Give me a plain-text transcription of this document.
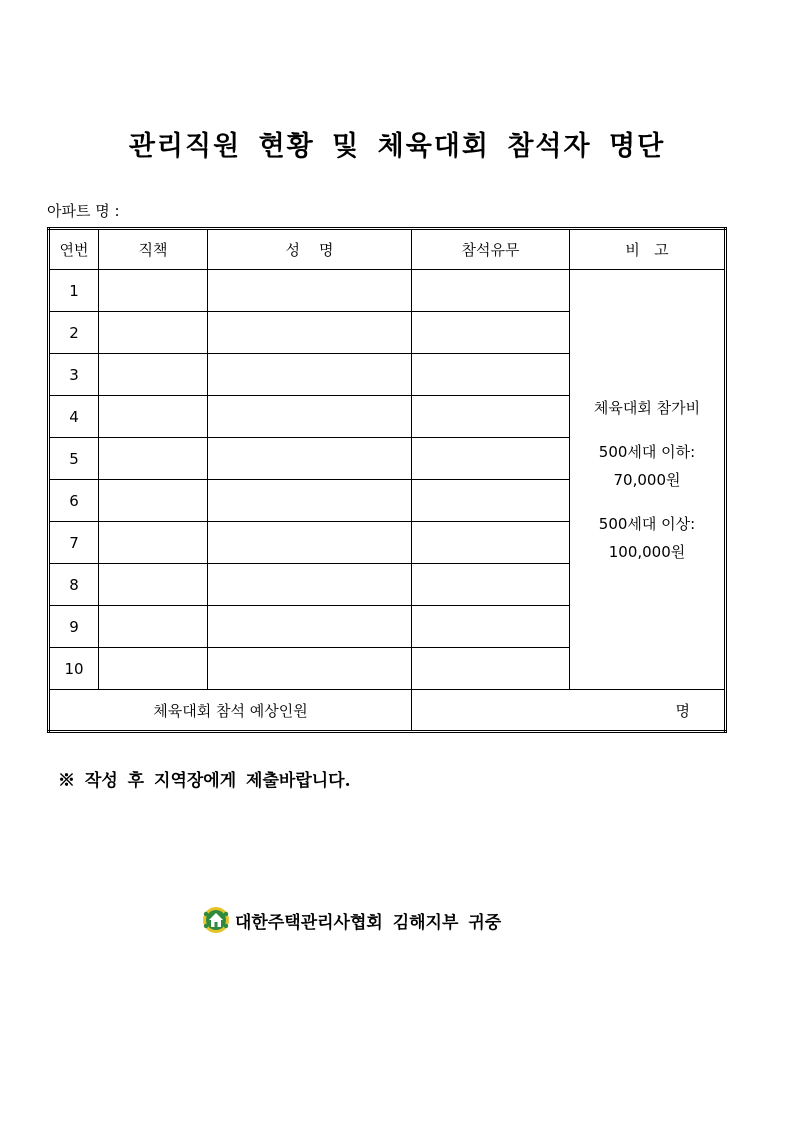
관리직원 현황 및 체육대회 참석자 명단
아파트 명 :
연번	직책	성    명	참석유무	비   고
1				체육대회 참가비
500세대 이하:
70,000원
500세대 이상:
100,000원

2				
3				
4				
5				
6				
7				
8				
9				
10				
체육대회 참석 예상인원			명	
※ 작성 후 지역장에게 제출바랍니다.
대한주택관리사협회 김해지부 귀중
